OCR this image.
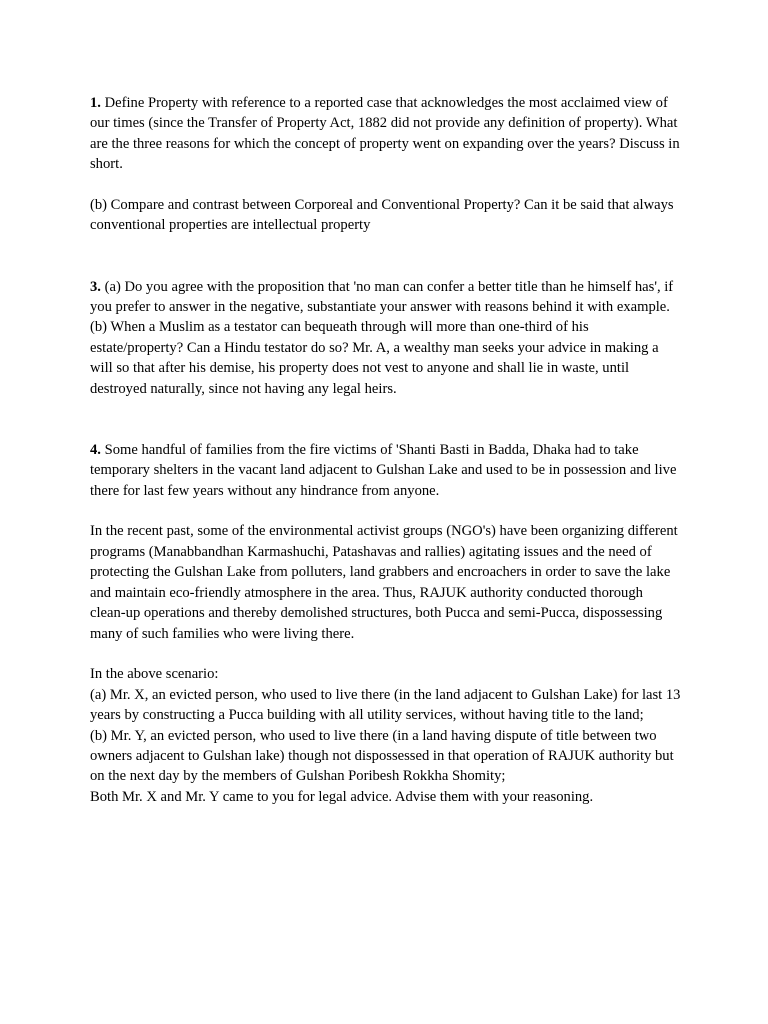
1. Define Property with reference to a reported case that acknowledges the most acclaimed view of our times (since the Transfer of Property Act, 1882 did not provide any definition of property). What are the three reasons for which the concept of property went on expanding over the years? Discuss in short.

(b) Compare and contrast between Corporeal and Conventional Property? Can it be said that always conventional properties are intellectual property

3. (a) Do you agree with the proposition that 'no man can confer a better title than he himself has', if you prefer to answer in the negative, substantiate your answer with reasons behind it with example.

(b) When a Muslim as a testator can bequeath through will more than one-third of his estate/property? Can a Hindu testator do so? Mr. A, a wealthy man seeks your advice in making a will so that after his demise, his property does not vest to anyone and shall lie in waste, until destroyed naturally, since not having any legal heirs.

4. Some handful of families from the fire victims of 'Shanti Basti in Badda, Dhaka had to take temporary shelters in the vacant land adjacent to Gulshan Lake and used to be in possession and live there for last few years without any hindrance from anyone.

In the recent past, some of the environmental activist groups (NGO's) have been organizing different programs (Manabbandhan Karmashuchi, Patashavas and rallies) agitating issues and the need of protecting the Gulshan Lake from polluters, land grabbers and encroachers in order to save the lake and maintain eco-friendly atmosphere in the area. Thus, RAJUK authority conducted thorough clean-up operations and thereby demolished structures, both Pucca and semi-Pucca, dispossessing many of such families who were living there.

In the above scenario:

(a) Mr. X, an evicted person, who used to live there (in the land adjacent to Gulshan Lake) for last 13 years by constructing a Pucca building with all utility services, without having title to the land;

(b) Mr. Y, an evicted person, who used to live there (in a land having dispute of title between two owners adjacent to Gulshan lake) though not dispossessed in that operation of RAJUK authority but on the next day by the members of Gulshan Poribesh Rokkha Shomity;

Both Mr. X and Mr. Y came to you for legal advice. Advise them with your reasoning.
